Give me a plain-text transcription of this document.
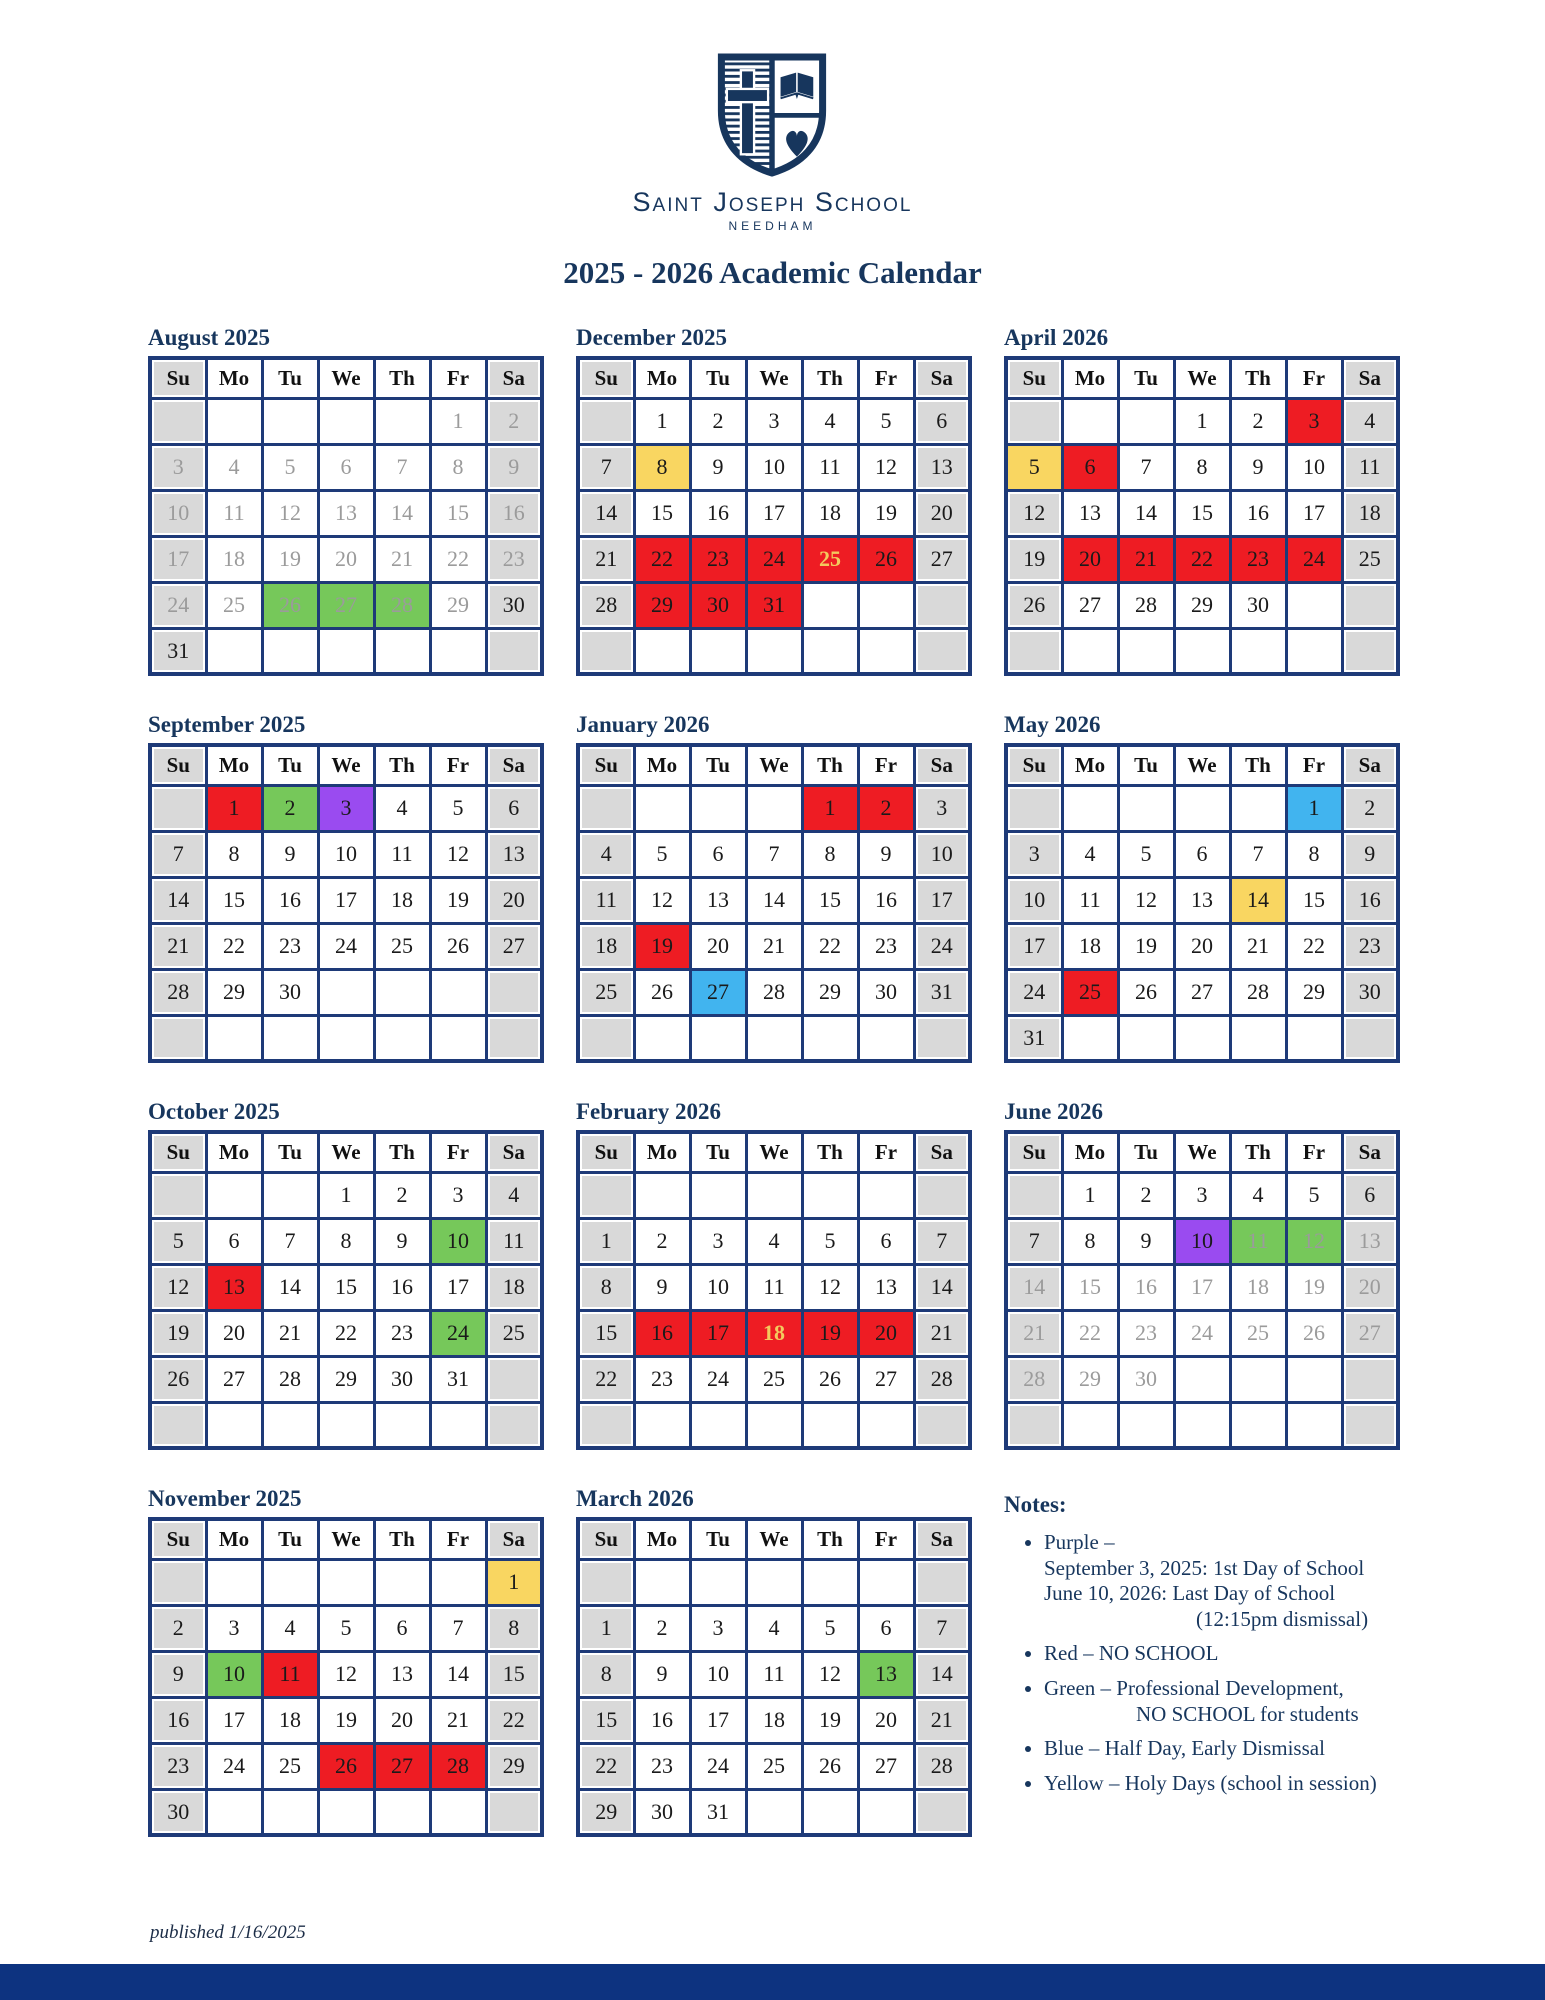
Saint Joseph School
NEEDHAM
2025 - 2026 Academic Calendar
August 2025
Su	Mo	Tu	We	Th	Fr	Sa
					1	2
3	4	5	6	7	8	9
10	11	12	13	14	15	16
17	18	19	20	21	22	23
24	25	26	27	28	29	30
31						
December 2025
Su	Mo	Tu	We	Th	Fr	Sa
	1	2	3	4	5	6
7	8	9	10	11	12	13
14	15	16	17	18	19	20
21	22	23	24	25	26	27
28	29	30	31			

April 2026
Su	Mo	Tu	We	Th	Fr	Sa
			1	2	3	4
5	6	7	8	9	10	11
12	13	14	15	16	17	18
19	20	21	22	23	24	25
26	27	28	29	30		

September 2025
Su	Mo	Tu	We	Th	Fr	Sa
	1	2	3	4	5	6
7	8	9	10	11	12	13
14	15	16	17	18	19	20
21	22	23	24	25	26	27
28	29	30				

January 2026
Su	Mo	Tu	We	Th	Fr	Sa
				1	2	3
4	5	6	7	8	9	10
11	12	13	14	15	16	17
18	19	20	21	22	23	24
25	26	27	28	29	30	31

May 2026
Su	Mo	Tu	We	Th	Fr	Sa
					1	2
3	4	5	6	7	8	9
10	11	12	13	14	15	16
17	18	19	20	21	22	23
24	25	26	27	28	29	30
31						
October 2025
Su	Mo	Tu	We	Th	Fr	Sa
			1	2	3	4
5	6	7	8	9	10	11
12	13	14	15	16	17	18
19	20	21	22	23	24	25
26	27	28	29	30	31	

February 2026
Su	Mo	Tu	We	Th	Fr	Sa

1	2	3	4	5	6	7
8	9	10	11	12	13	14
15	16	17	18	19	20	21
22	23	24	25	26	27	28

June 2026
Su	Mo	Tu	We	Th	Fr	Sa
	1	2	3	4	5	6
7	8	9	10	11	12	13
14	15	16	17	18	19	20
21	22	23	24	25	26	27
28	29	30				

November 2025
Su	Mo	Tu	We	Th	Fr	Sa
						1
2	3	4	5	6	7	8
9	10	11	12	13	14	15
16	17	18	19	20	21	22
23	24	25	26	27	28	29
30						
March 2026
Su	Mo	Tu	We	Th	Fr	Sa

1	2	3	4	5	6	7
8	9	10	11	12	13	14
15	16	17	18	19	20	21
22	23	24	25	26	27	28
29	30	31				
Notes:
• Purple –
September 3, 2025: 1st Day of School
June 10, 2026: Last Day of School
(12:15pm dismissal)
• Red – NO SCHOOL
• Green – Professional Development,
NO SCHOOL for students
• Blue – Half Day, Early Dismissal
• Yellow – Holy Days (school in session)
published 1/16/2025
